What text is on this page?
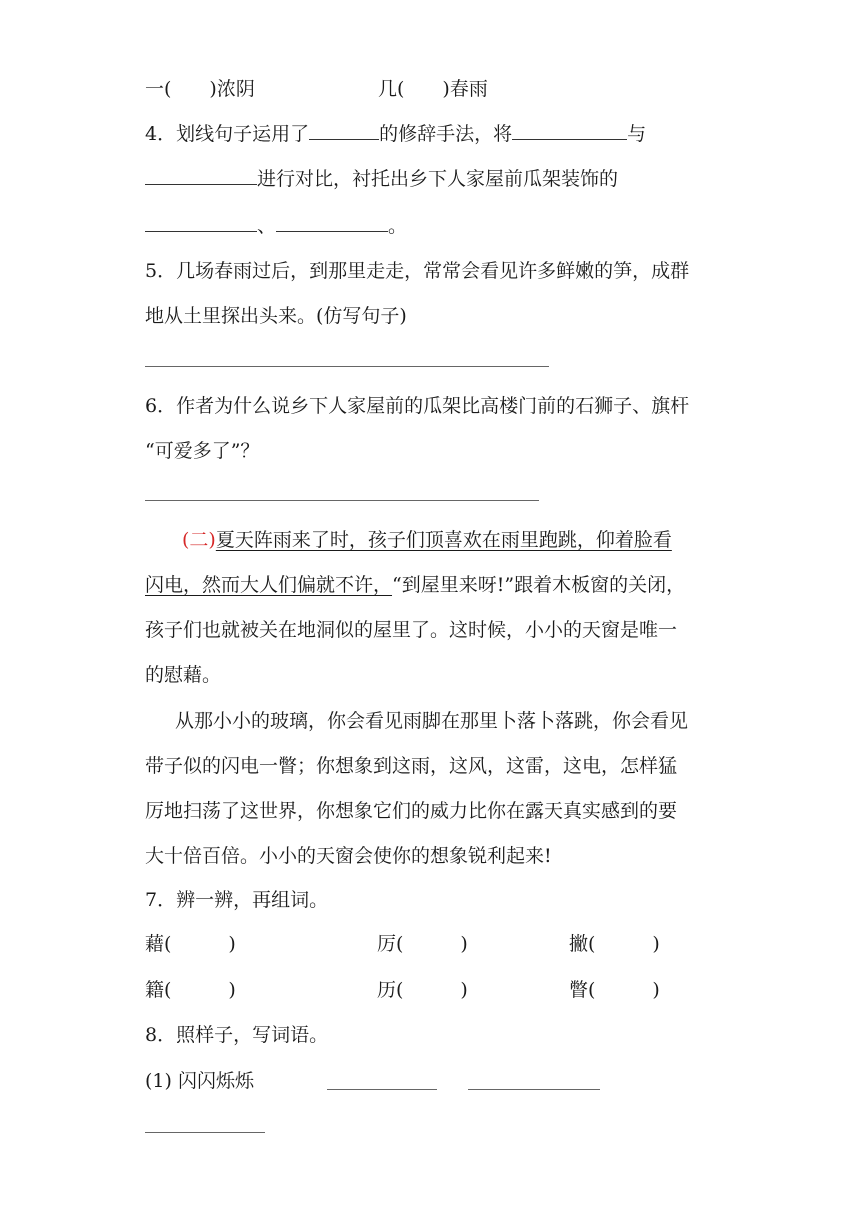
一(　　)浓阴	几(　　)春雨
4．划线句子运用了	的修辞手法，将	与
进行对比，衬托出乡下人家屋前瓜架装饰的
、	。
5．几场春雨过后，到那里走走，常常会看见许多鲜嫩的笋，成群
地从土里探出头来。(仿写句子)
6．作者为什么说乡下人家屋前的瓜架比高楼门前的石狮子、旗杆
“可爱多了”？
(二)夏天阵雨来了时，孩子们顶喜欢在雨里跑跳，仰着脸看
闪电，然而大人们偏就不许，“到屋里来呀!”跟着木板窗的关闭，
孩子们也就被关在地洞似的屋里了。这时候，小小的天窗是唯一
的慰藉。
从那小小的玻璃，你会看见雨脚在那里卜落卜落跳，你会看见
带子似的闪电一瞥；你想象到这雨，这风，这雷，这电，怎样猛
厉地扫荡了这世界，你想象它们的威力比你在露天真实感到的要
大十倍百倍。小小的天窗会使你的想象锐利起来!
7．辨一辨，再组词。
藉(　　　)	厉(　　　)	撇(　　　)
籍(　　　)	历(　　　)	瞥(　　　)
8．照样子，写词语。
(1) 闪闪烁烁
